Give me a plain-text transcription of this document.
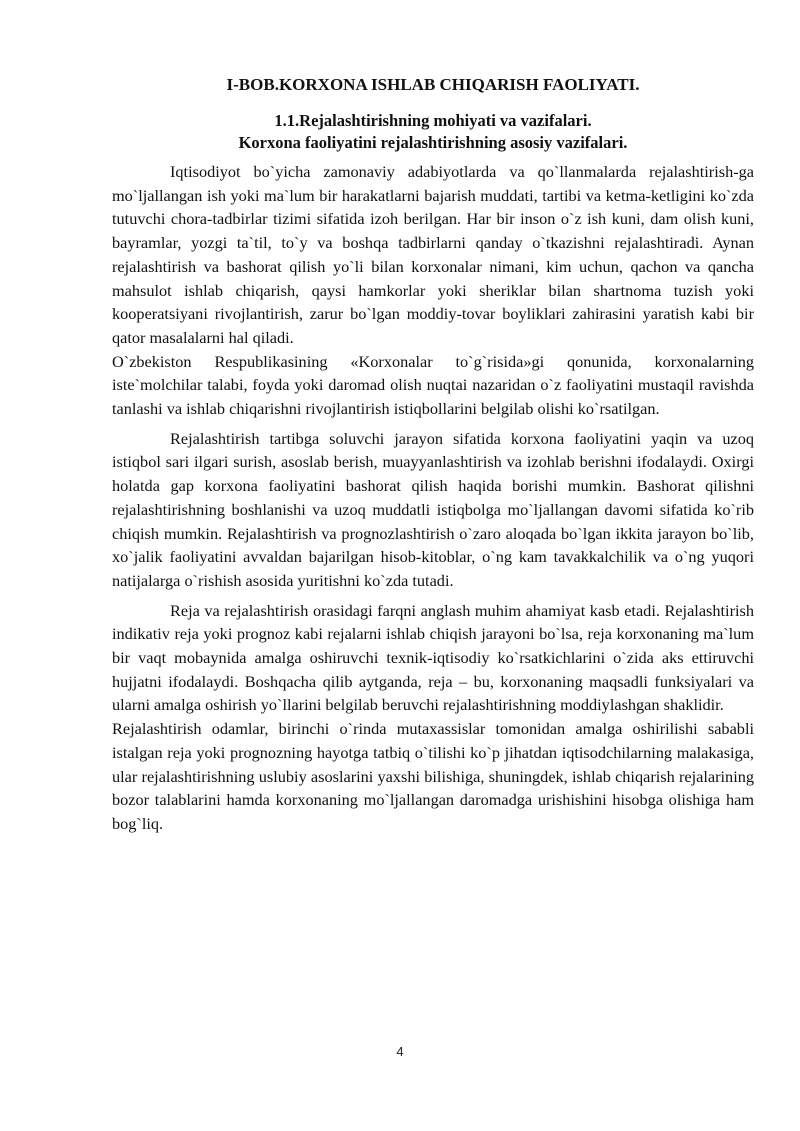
I-BOB.KORXONA ISHLAB CHIQARISH FAOLIYATI.
1.1.Rejalashtirishning mohiyati va vazifalari.
Korxona faoliyatini rejalashtirishning asosiy vazifalari.

Iqtisodiyot bo`yicha zamonaviy adabiyotlarda va qo`llanmalarda rejalashtirish-ga mo`ljallangan ish yoki ma`lum bir harakatlarni bajarish muddati, tartibi va ketma-ketligini ko`zda tutuvchi chora-tadbirlar tizimi sifatida izoh berilgan. Har bir inson o`z ish kuni, dam olish kuni, bayramlar, yozgi ta`til, to`y va boshqa tadbirlarni qanday o`tkazishni rejalashtiradi. Aynan rejalashtirish va bashorat qilish yo`li bilan korxonalar nimani, kim uchun, qachon va qancha mahsulot ishlab chiqarish, qaysi hamkorlar yoki sheriklar bilan shartnoma tuzish yoki kooperatsiyani rivojlantirish, zarur bo`lgan moddiy-tovar boyliklari zahirasini yaratish kabi bir qator masalalarni hal qiladi.

O`zbekiston Respublikasining «Korxonalar to`g`risida»gi qonunida, korxonalarning iste`molchilar talabi, foyda yoki daromad olish nuqtai nazaridan o`z faoliyatini mustaqil ravishda tanlashi va ishlab chiqarishni rivojlantirish istiqbollarini belgilab olishi ko`rsatilgan.

Rejalashtirish tartibga soluvchi jarayon sifatida korxona faoliyatini yaqin va uzoq istiqbol sari ilgari surish, asoslab berish, muayyanlashtirish va izohlab berishni ifodalaydi. Oxirgi holatda gap korxona faoliyatini bashorat qilish haqida borishi mumkin. Bashorat qilishni rejalashtirishning boshlanishi va uzoq muddatli istiqbolga mo`ljallangan davomi sifatida ko`rib chiqish mumkin. Rejalashtirish va prognozlashtirish o`zaro aloqada bo`lgan ikkita jarayon bo`lib, xo`jalik faoliyatini avvaldan bajarilgan hisob-kitoblar, o`ng kam tavakkalchilik va o`ng yuqori natijalarga o`rishish asosida yuritishni ko`zda tutadi.

Reja va rejalashtirish orasidagi farqni anglash muhim ahamiyat kasb etadi. Rejalashtirish indikativ reja yoki prognoz kabi rejalarni ishlab chiqish jarayoni bo`lsa, reja korxonaning ma`lum bir vaqt mobaynida amalga oshiruvchi texnik-iqtisodiy ko`rsatkichlarini o`zida aks ettiruvchi hujjatni ifodalaydi. Boshqacha qilib aytganda, reja – bu, korxonaning maqsadli funksiyalari va ularni amalga oshirish yo`llarini belgilab beruvchi rejalashtirishning moddiylashgan shaklidir.

Rejalashtirish odamlar, birinchi o`rinda mutaxassislar tomonidan amalga oshirilishi sababli istalgan reja yoki prognozning hayotga tatbiq o`tilishi ko`p jihatdan iqtisodchilarning malakasiga, ular rejalashtirishning uslubiy asoslarini yaxshi bilishiga, shuningdek, ishlab chiqarish rejalarining bozor talablarini hamda korxonaning mo`ljallangan daromadga urishishini hisobga olishiga ham bog`liq.

4
